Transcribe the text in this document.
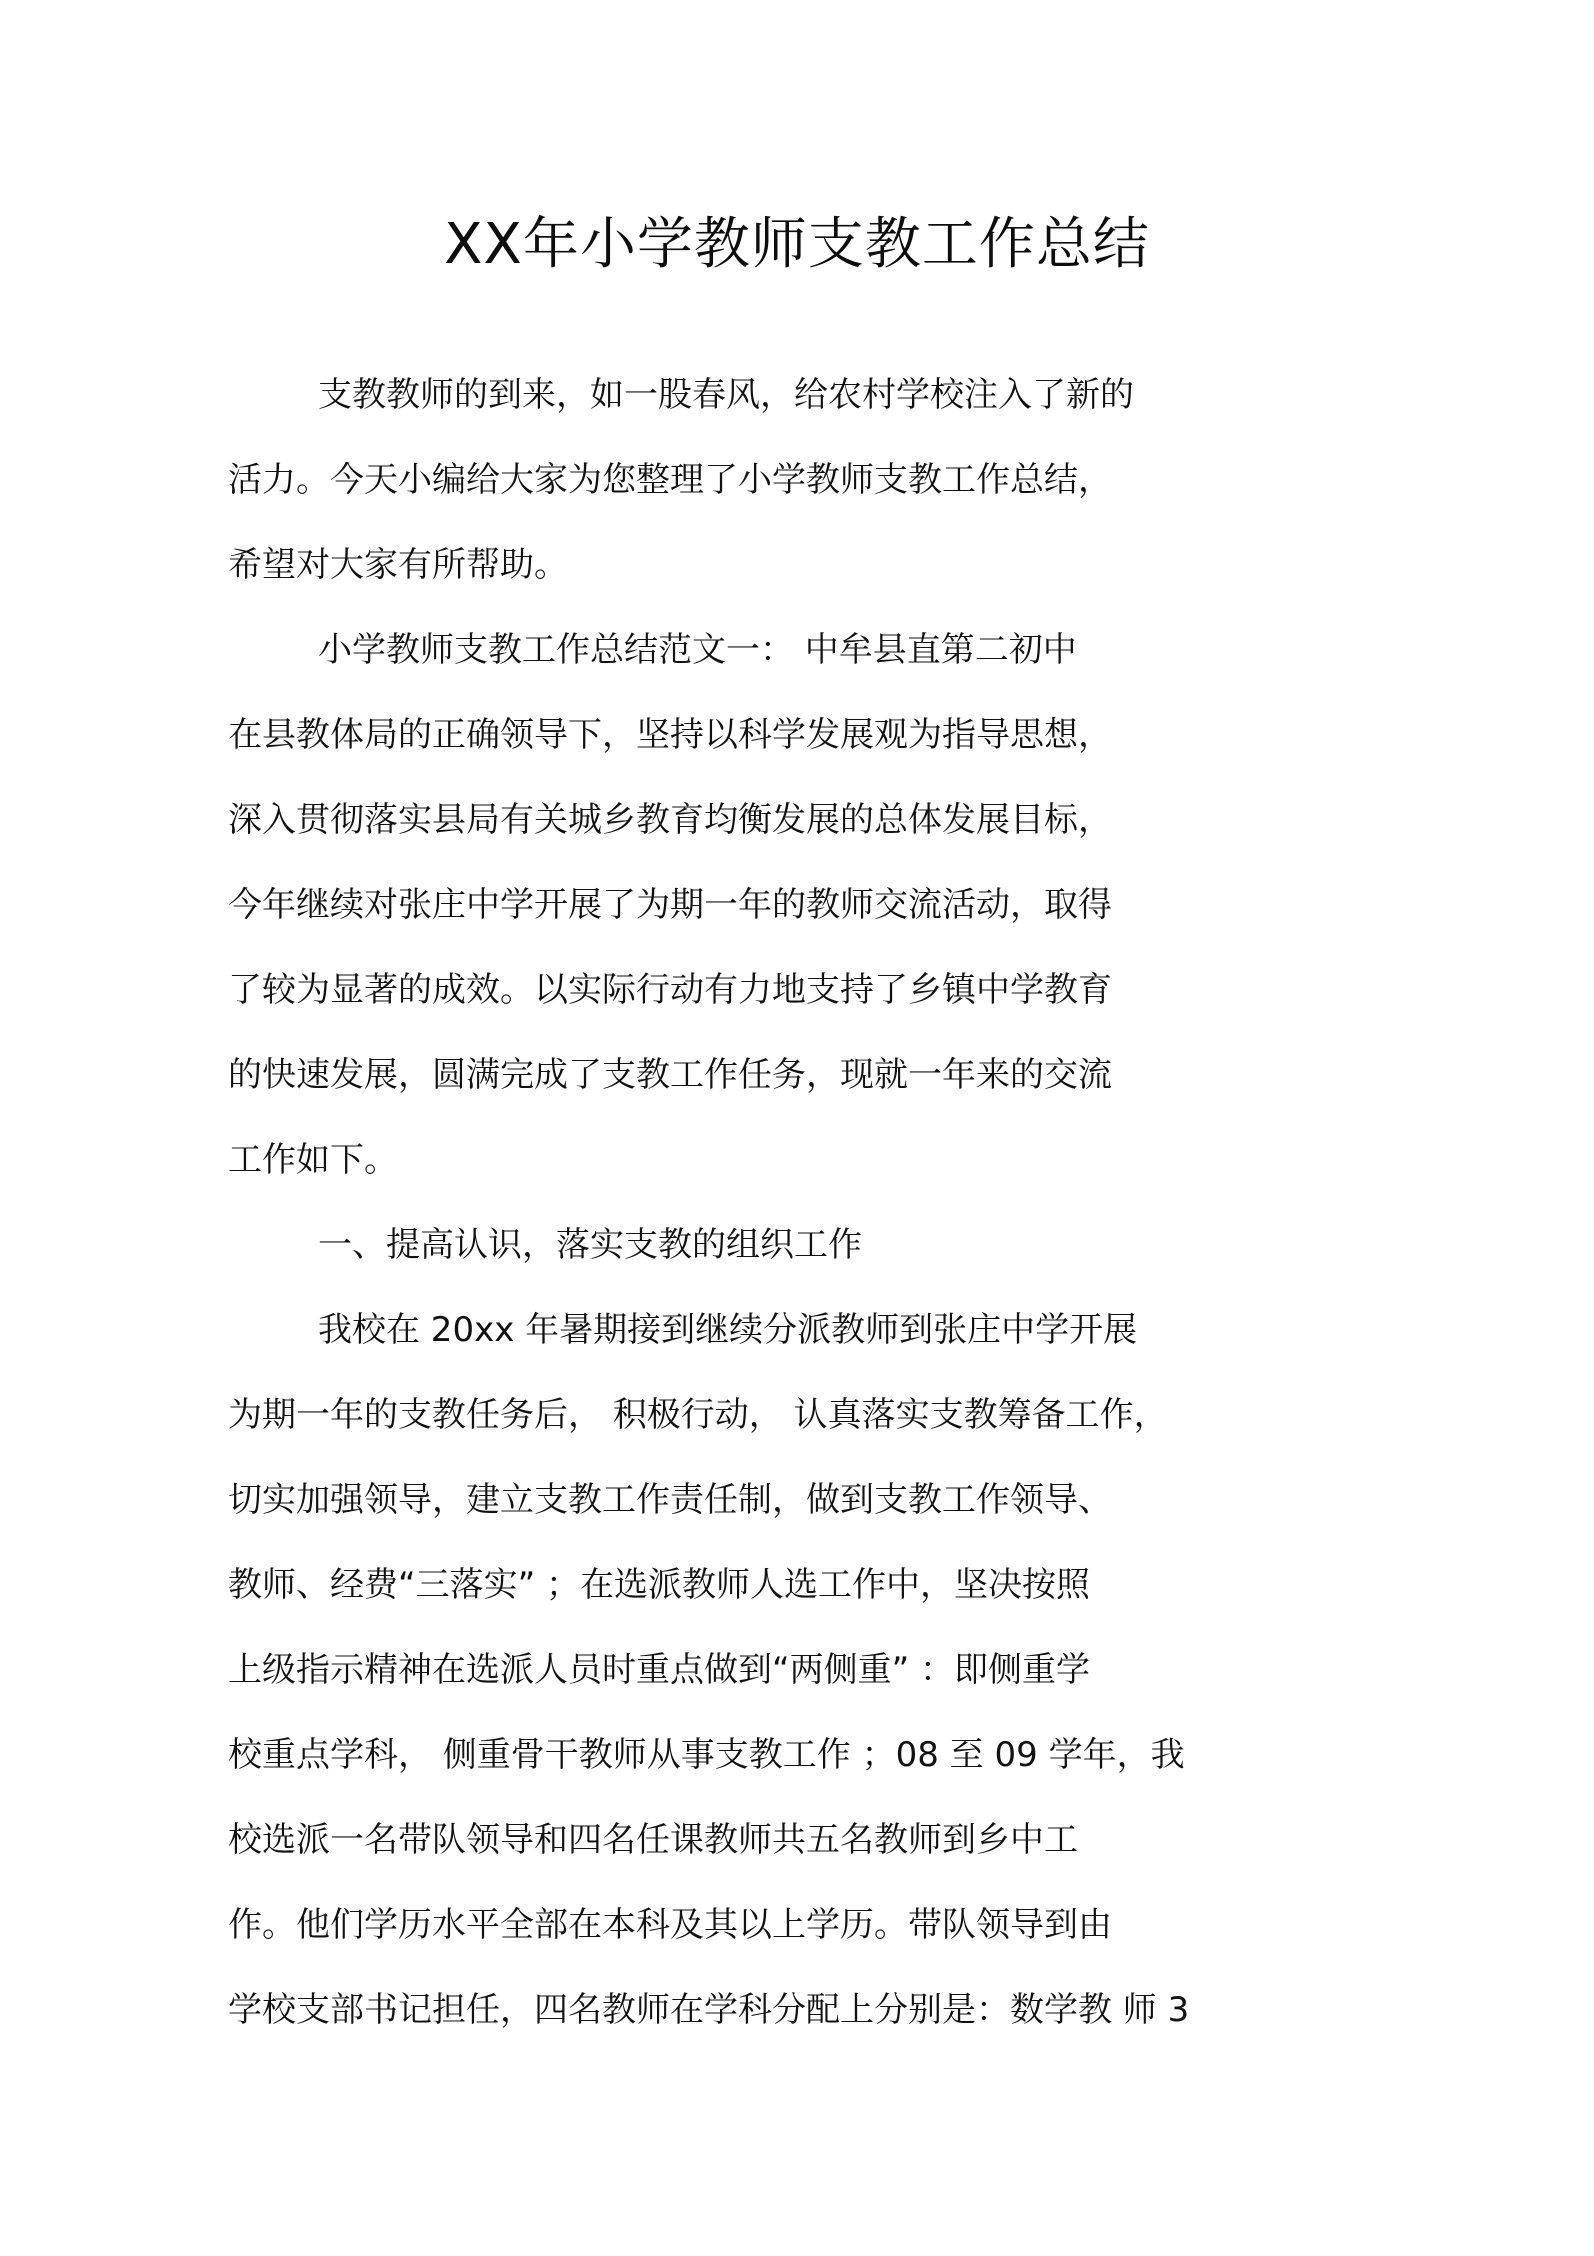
XX年小学教师支教工作总结
支教教师的到来，如一股春风，给农村学校注入了新的
活力。今天小编给大家为您整理了小学教师支教工作总结，
希望对大家有所帮助。
小学教师支教工作总结范文一： 中牟县直第二初中
在县教体局的正确领导下，坚持以科学发展观为指导思想，
深入贯彻落实县局有关城乡教育均衡发展的总体发展目标，
今年继续对张庄中学开展了为期一年的教师交流活动，取得
了较为显著的成效。以实际行动有力地支持了乡镇中学教育
的快速发展，圆满完成了支教工作任务，现就一年来的交流
工作如下。
一、提高认识，落实支教的组织工作
我校在 20xx 年暑期接到继续分派教师到张庄中学开展
为期一年的支教任务后， 积极行动， 认真落实支教筹备工作，
切实加强领导，建立支教工作责任制，做到支教工作领导、
教师、经费“三落实” ；在选派教师人选工作中，坚决按照
上级指示精神在选派人员时重点做到“两侧重” ：即侧重学
校重点学科， 侧重骨干教师从事支教工作 ；08 至 09 学年，我
校选派一名带队领导和四名任课教师共五名教师到乡中工
作。他们学历水平全部在本科及其以上学历。带队领导到由
学校支部书记担任，四名教师在学科分配上分别是：数学教 师 3
